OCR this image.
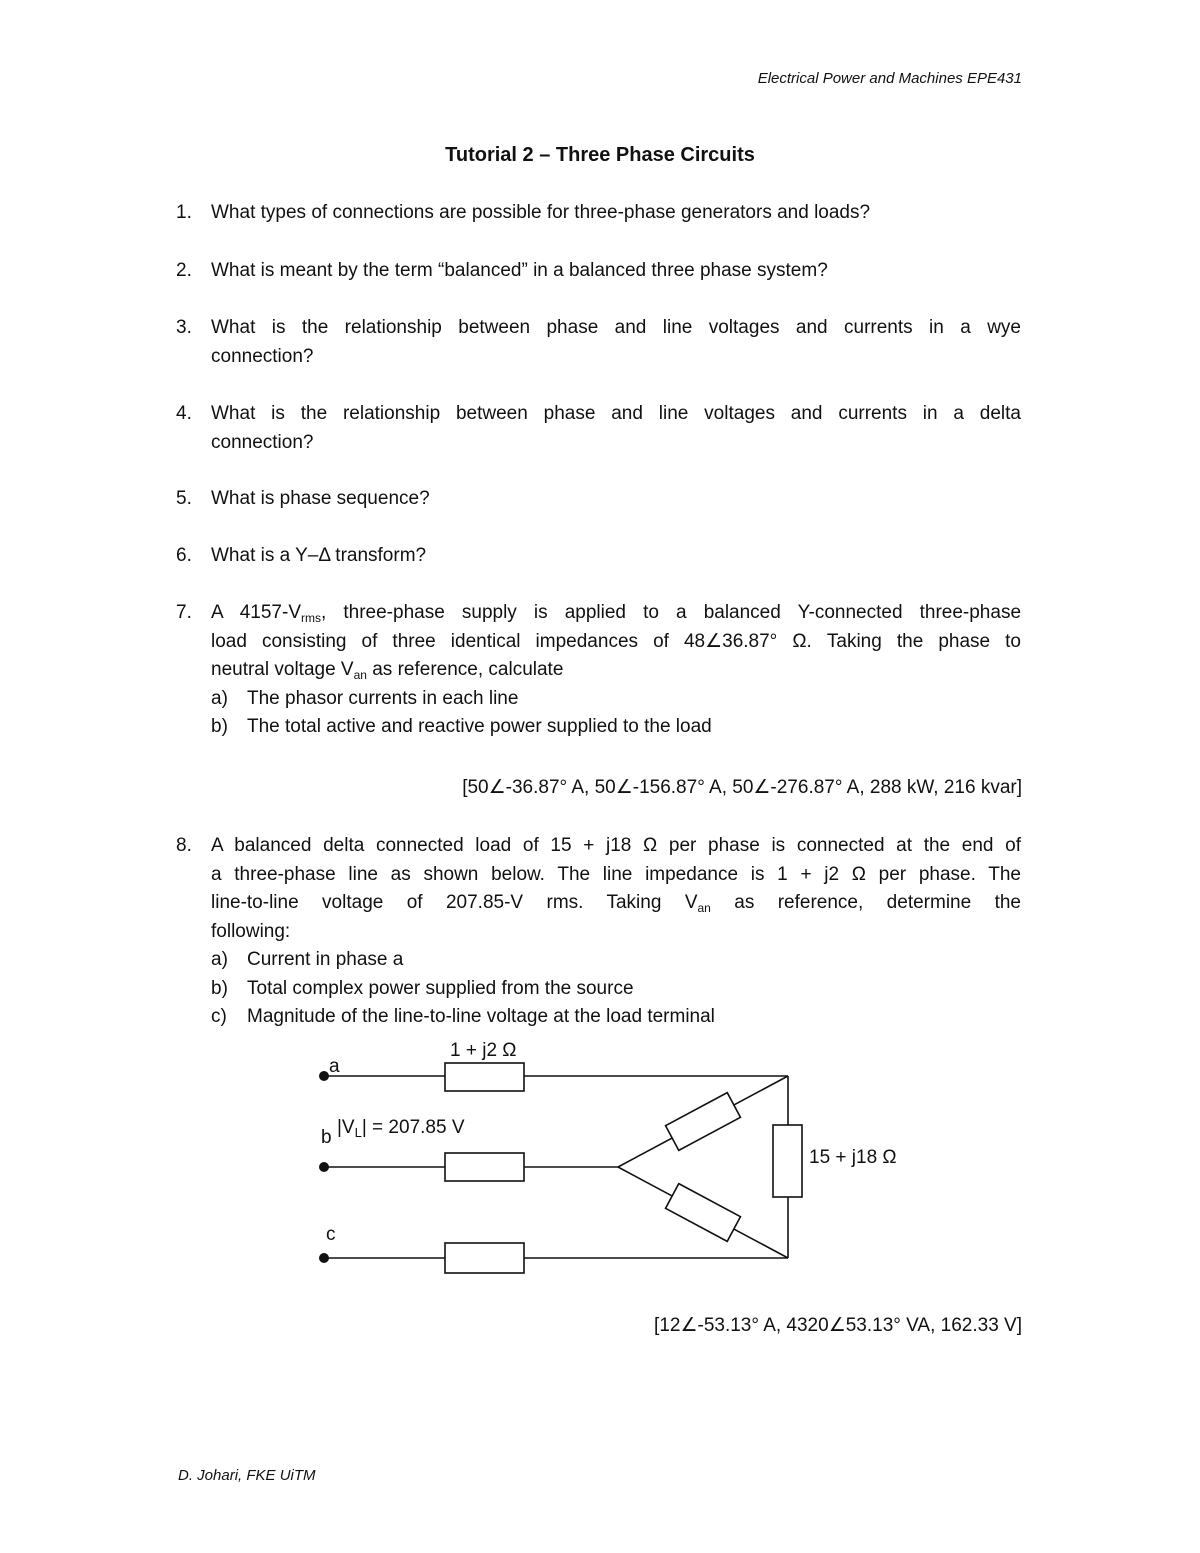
Electrical Power and Machines EPE431
Tutorial 2 – Three Phase Circuits
1. What types of connections are possible for three-phase generators and loads?
2. What is meant by the term “balanced” in a balanced three phase system?
3. What is the relationship between phase and line voltages and currents in a wye
connection?
4. What is the relationship between phase and line voltages and currents in a delta
connection?
5. What is phase sequence?
6. What is a Y–Δ transform?
7. A $4157-V_{rms}$, three-phase supply is applied to a balanced Y-connected three-phase
load consisting of three identical impedances of 48∠36.87° Ω. Taking the phase to
neutral voltage $V_{an}$ as reference, calculate
a) The phasor currents in each line
b) The total active and reactive power supplied to the load
[50∠-36.87° A, 50∠-156.87° A, 50∠-276.87° A, 288 kW, 216 kvar]
8. A balanced delta connected load of 15 + j18 Ω per phase is connected at the end of
a three-phase line as shown below. The line impedance is 1 + j2 Ω per phase. The
line-to-line voltage of 207.85-V rms. Taking $V_{an}$ as reference, determine the
following:
a) Current in phase a
b) Total complex power supplied from the source
c) Magnitude of the line-to-line voltage at the load terminal
a
b
c
1 + j2 Ω
15 + j18 Ω
$|V_L| = 207.85$ V
[12∠-53.13° A, 4320∠53.13° VA, 162.33 V]
D. Johari, FKE UiTM
